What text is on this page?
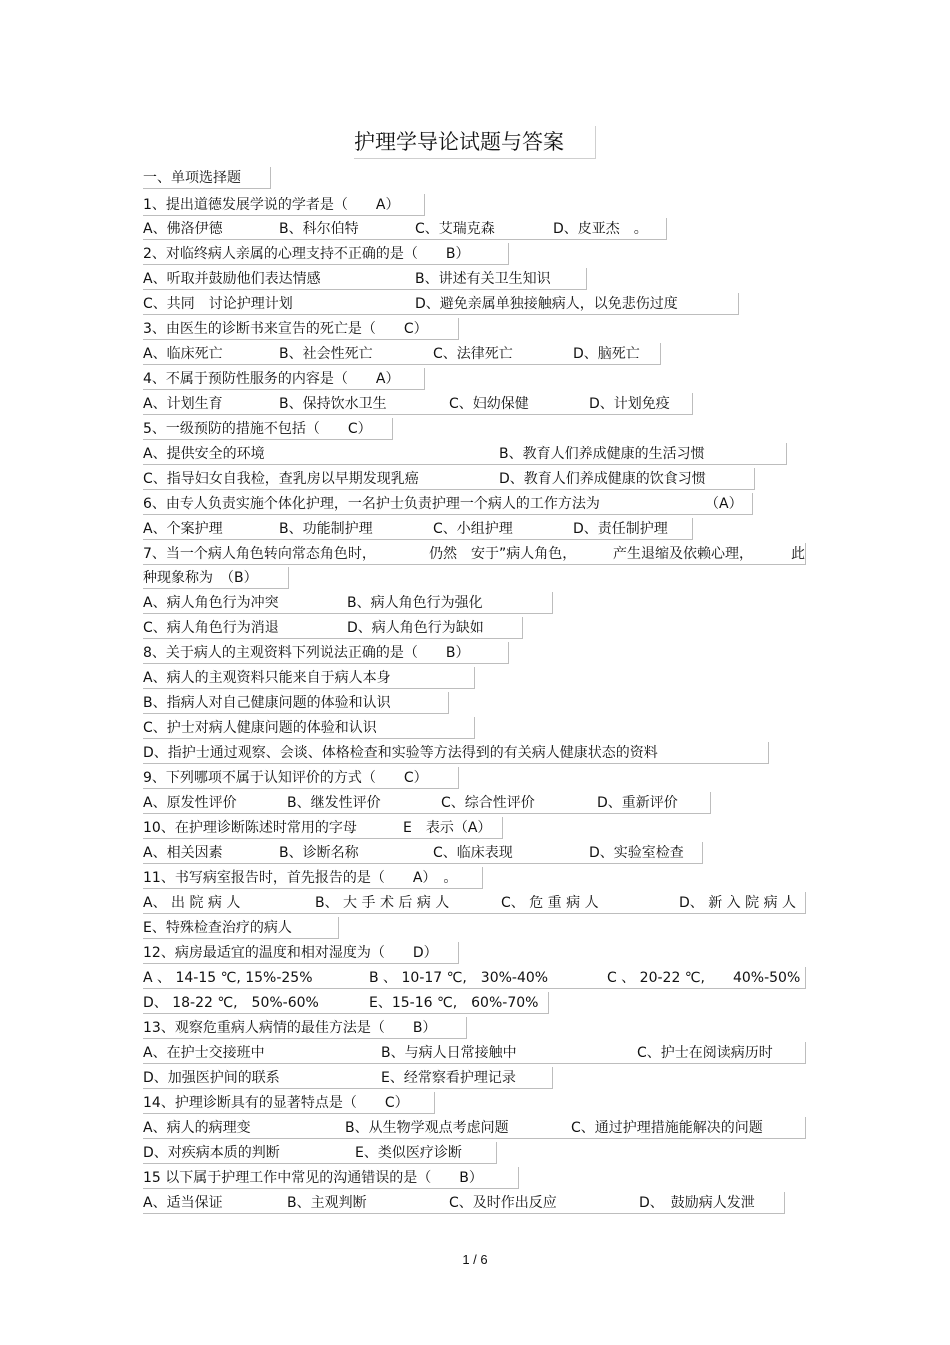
护理学导论试题与答案
一、单项选择题
1、提出道德发展学说的学者是（　　A）
A、佛洛伊德	B、科尔伯特	C、艾瑞克森	D、皮亚杰　。
2、对临终病人亲属的心理支持不正确的是（　　B）
A、听取并鼓励他们表达情感	B、讲述有关卫生知识
C、共同　讨论护理计划	D、避免亲属单独接触病人，以免悲伤过度
3、由医生的诊断书来宣告的死亡是（　　C）
A、临床死亡	B、社会性死亡	C、法律死亡	D、脑死亡
4、不属于预防性服务的内容是（　　A）
A、计划生育	B、保持饮水卫生	C、妇幼保健	D、计划免疫
5、一级预防的措施不包括（　　C）
A、提供安全的环境	B、教育人们养成健康的生活习惯
C、指导妇女自我检，查乳房以早期发现乳癌	D、教育人们养成健康的饮食习惯
6、由专人负责实施个体化护理，一名护士负责护理一个病人的工作方法为	（A）
A、个案护理	B、功能制护理	C、小组护理	D、责任制护理
7、当一个病人角色转向常态角色时，	仍然　安于”病人角色，	产生退缩及依赖心理，	此
种现象称为　（B）
A、病人角色行为冲突	B、病人角色行为强化
C、病人角色行为消退	D、病人角色行为缺如
8、关于病人的主观资料下列说法正确的是（　　B）
A、病人的主观资料只能来自于病人本身
B、指病人对自己健康问题的体验和认识
C、护士对病人健康问题的体验和认识
D、指护士通过观察、会谈、体格检查和实验等方法得到的有关病人健康状态的资料
9、下列哪项不属于认知评价的方式（　　C）
A、原发性评价	B、继发性评价	C、综合性评价	D、重新评价
10、在护理诊断陈述时常用的字母	E　表示（A）
A、相关因素	B、诊断名称	C、临床表现	D、实验室检查
11、书写病室报告时，首先报告的是（　　A）　。
A、 出 院 病 人	B、 大 手 术 后 病 人	C、 危 重 病 人	D、 新 入 院 病 人
E、特殊检查治疗的病人
12、病房最适宜的温度和相对湿度为（　　D）
A 、 14-15 ℃, 15%-25%	B 、 10-17 ℃,　30%-40%	C 、 20-22 ℃,　　40%-50%
D、 18-22 ℃,　50%-60%	E、15-16 ℃,　60%-70%
13、观察危重病人病情的最佳方法是（　　B）
A、在护士交接班中	B、与病人日常接触中	C、护士在阅读病历时
D、加强医护间的联系	E、经常察看护理记录
14、护理诊断具有的显著特点是（　　C）
A、病人的病理变	B、从生物学观点考虑问题	C、通过护理措施能解决的问题
D、对疾病本质的判断	E、类似医疗诊断
15 以下属于护理工作中常见的沟通错误的是（　　B）
A、适当保证	B、主观判断	C、及时作出反应	D、　鼓励病人发泄
1 / 6
